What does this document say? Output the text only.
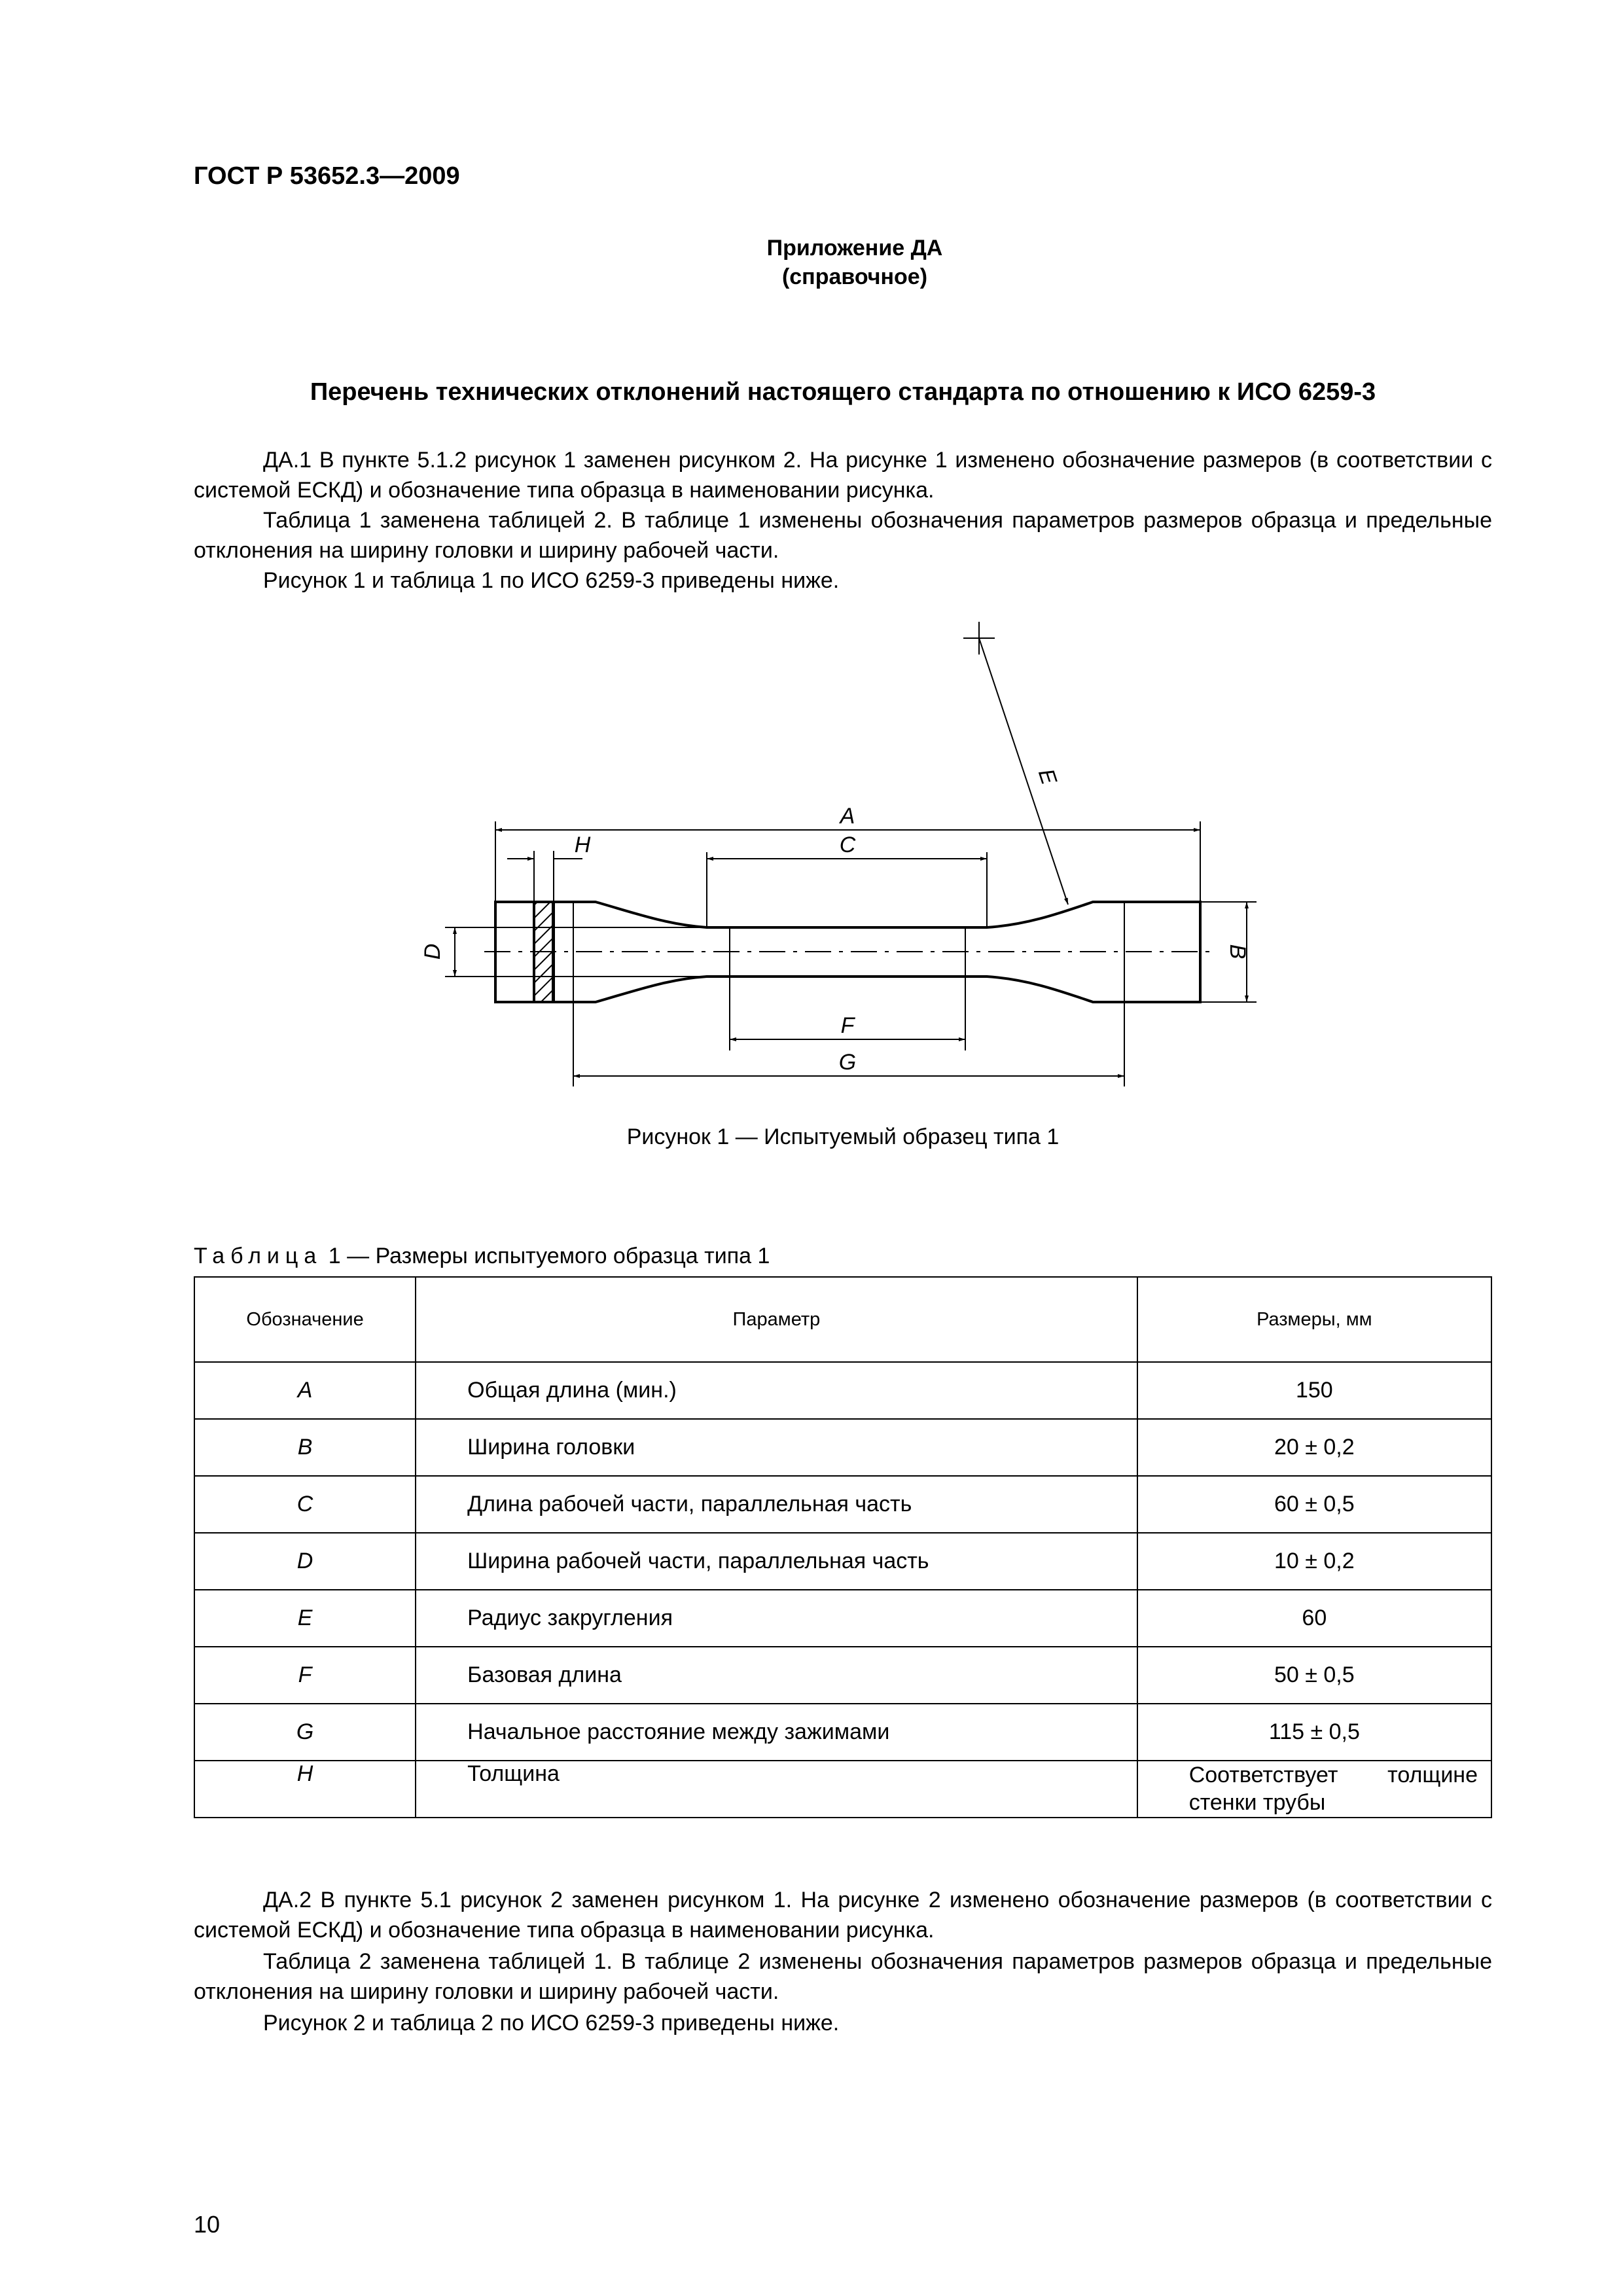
ГОСТ Р 53652.3—2009
Приложение ДА
(справочное)
Перечень технических отклонений настоящего стандарта по отношению к ИСО 6259-3
ДА.1 В пункте 5.1.2 рисунок 1 заменен рисунком 2. На рисунке 1 изменено обозначение размеров (в соответствии с системой ЕСКД) и обозначение типа образца в наименовании рисунка.
Таблица 1 заменена таблицей 2. В таблице 1 изменены обозначения параметров размеров образца и предельные отклонения на ширину головки и ширину рабочей части.
Рисунок 1 и таблица 1 по ИСО 6259-3 приведены ниже.
A
C
H
F
G
B
D
E
Рисунок 1 — Испытуемый образец типа 1
Таблица 1 — Размеры испытуемого образца типа 1
Обозначение	Параметр	Размеры, мм
A	Общая длина (мин.)	150
B	Ширина головки	20 ± 0,2
C	Длина рабочей части, параллельная часть	60 ± 0,5
D	Ширина рабочей части, параллельная часть	10 ± 0,2
E	Радиус закругления	60
F	Базовая длина	50 ± 0,5
G	Начальное расстояние между зажимами	115 ± 0,5
H	Толщина	Соответствует толщине стенки трубы
ДА.2 В пункте 5.1 рисунок 2 заменен рисунком 1. На рисунке 2 изменено обозначение размеров (в соответствии с системой ЕСКД) и обозначение типа образца в наименовании рисунка.
Таблица 2 заменена таблицей 1. В таблице 2 изменены обозначения параметров размеров образца и предельные отклонения на ширину головки и ширину рабочей части.
Рисунок 2 и таблица 2 по ИСО 6259-3 приведены ниже.
10
